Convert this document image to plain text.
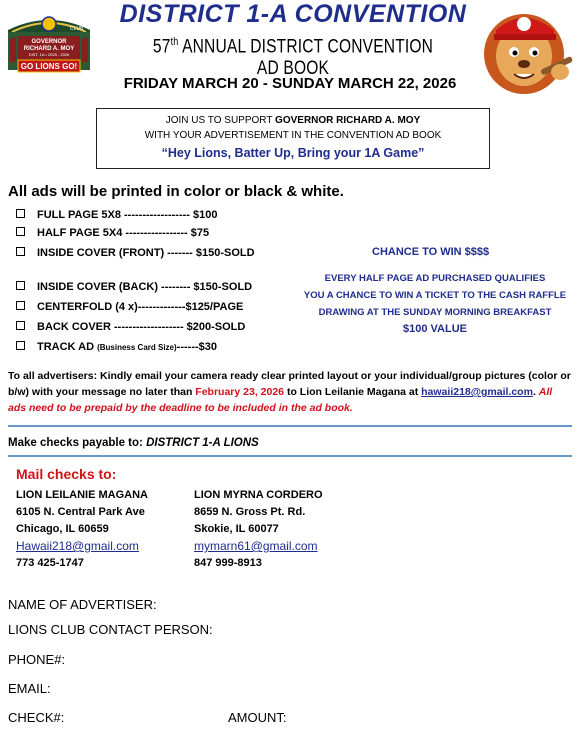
CLUB
GOVERNOR
RICHARD A. MOY
DIST. 1A • 2025 - 2026
GO LIONS GO!
DISTRICT 1-A CONVENTION
57th ANNUAL DISTRICT CONVENTION AD BOOK
FRIDAY MARCH 20 - SUNDAY MARCH 22, 2026
JOIN US TO SUPPORT GOVERNOR RICHARD A. MOY
WITH YOUR ADVERTISEMENT IN THE CONVENTION AD BOOK
“Hey Lions, Batter Up, Bring your 1A Game”
All ads will be printed in color or black & white.
FULL PAGE 5X8 ------------------ $100
HALF PAGE 5X4 ----------------- $75
INSIDE COVER (FRONT) ------- $150-SOLD
INSIDE COVER (BACK) -------- $150-SOLD
CENTERFOLD (4 x)-------------$125/PAGE
BACK COVER ------------------- $200-SOLD
TRACK AD (Business Card Size)------$30
CHANCE TO WIN $$$$
EVERY HALF PAGE AD PURCHASED QUALIFIES
YOU A CHANCE TO WIN A TICKET TO THE CASH RAFFLE
DRAWING AT THE SUNDAY MORNING BREAKFAST
$100 VALUE
To all advertisers: Kindly email your camera ready clear printed layout or your individual/group pictures (color or b/w) with your message no later than February 23, 2026 to Lion Leilanie Magana at hawaii218@gmail.com. All ads need to be prepaid by the deadline to be included in the ad book.
Make checks payable to: DISTRICT 1-A LIONS
Mail checks to:
LION LEILANIE MAGANA
6105 N. Central Park Ave
Chicago, IL 60659
Hawaii218@gmail.com
773 425-1747
LION MYRNA CORDERO
8659 N. Gross Pt. Rd.
Skokie, IL 60077
mymarn61@gmail.com
847 999-8913
NAME OF ADVERTISER:
LIONS CLUB CONTACT PERSON:
PHONE#:
EMAIL:
CHECK#:	AMOUNT:
